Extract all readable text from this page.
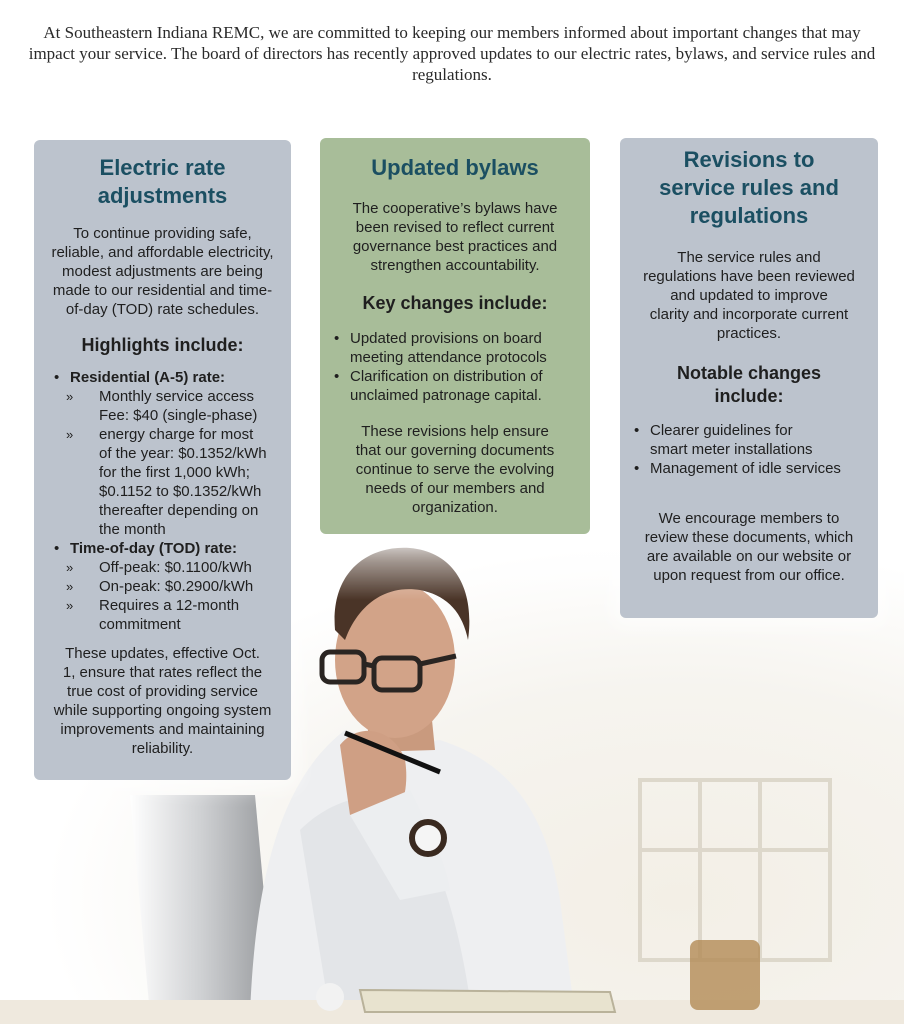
At Southeastern Indiana REMC, we are committed to keeping our members informed about important changes that may impact your service. The board of directors has recently approved updates to our electric rates, bylaws, and service rules and regulations.
Electric rate
adjustments

To continue providing safe,
reliable, and affordable electricity,
modest adjustments are being
made to our residential and time-
of-day (TOD) rate schedules.

Highlights include:
• Residential (A-5) rate:
» Monthly service access
Fee: $40 (single-phase)
» energy charge for most
of the year: $0.1352/kWh
for the first 1,000 kWh;
$0.1152 to $0.1352/kWh
thereafter depending on
the month
• Time-of-day (TOD) rate:
» Off-peak: $0.1100/kWh
» On-peak: $0.2900/kWh
» Requires a 12-month
commitment

These updates, effective Oct.
1, ensure that rates reflect the
true cost of providing service
while supporting ongoing system
improvements and maintaining
reliability.

Updated bylaws

The cooperative’s bylaws have
been revised to reflect current
governance best practices and
strengthen accountability.

Key changes include:
• Updated provisions on board
meeting attendance protocols
• Clarification on distribution of
unclaimed patronage capital.

These revisions help ensure
that our governing documents
continue to serve the evolving
needs of our members and
organization.

Revisions to
service rules and
regulations

The service rules and
regulations have been reviewed
and updated to improve
clarity and incorporate current
practices.

Notable changes
include:
• Clearer guidelines for
smart meter installations
• Management of idle services

We encourage members to
review these documents, which
are available on our website or
upon request from our office.
